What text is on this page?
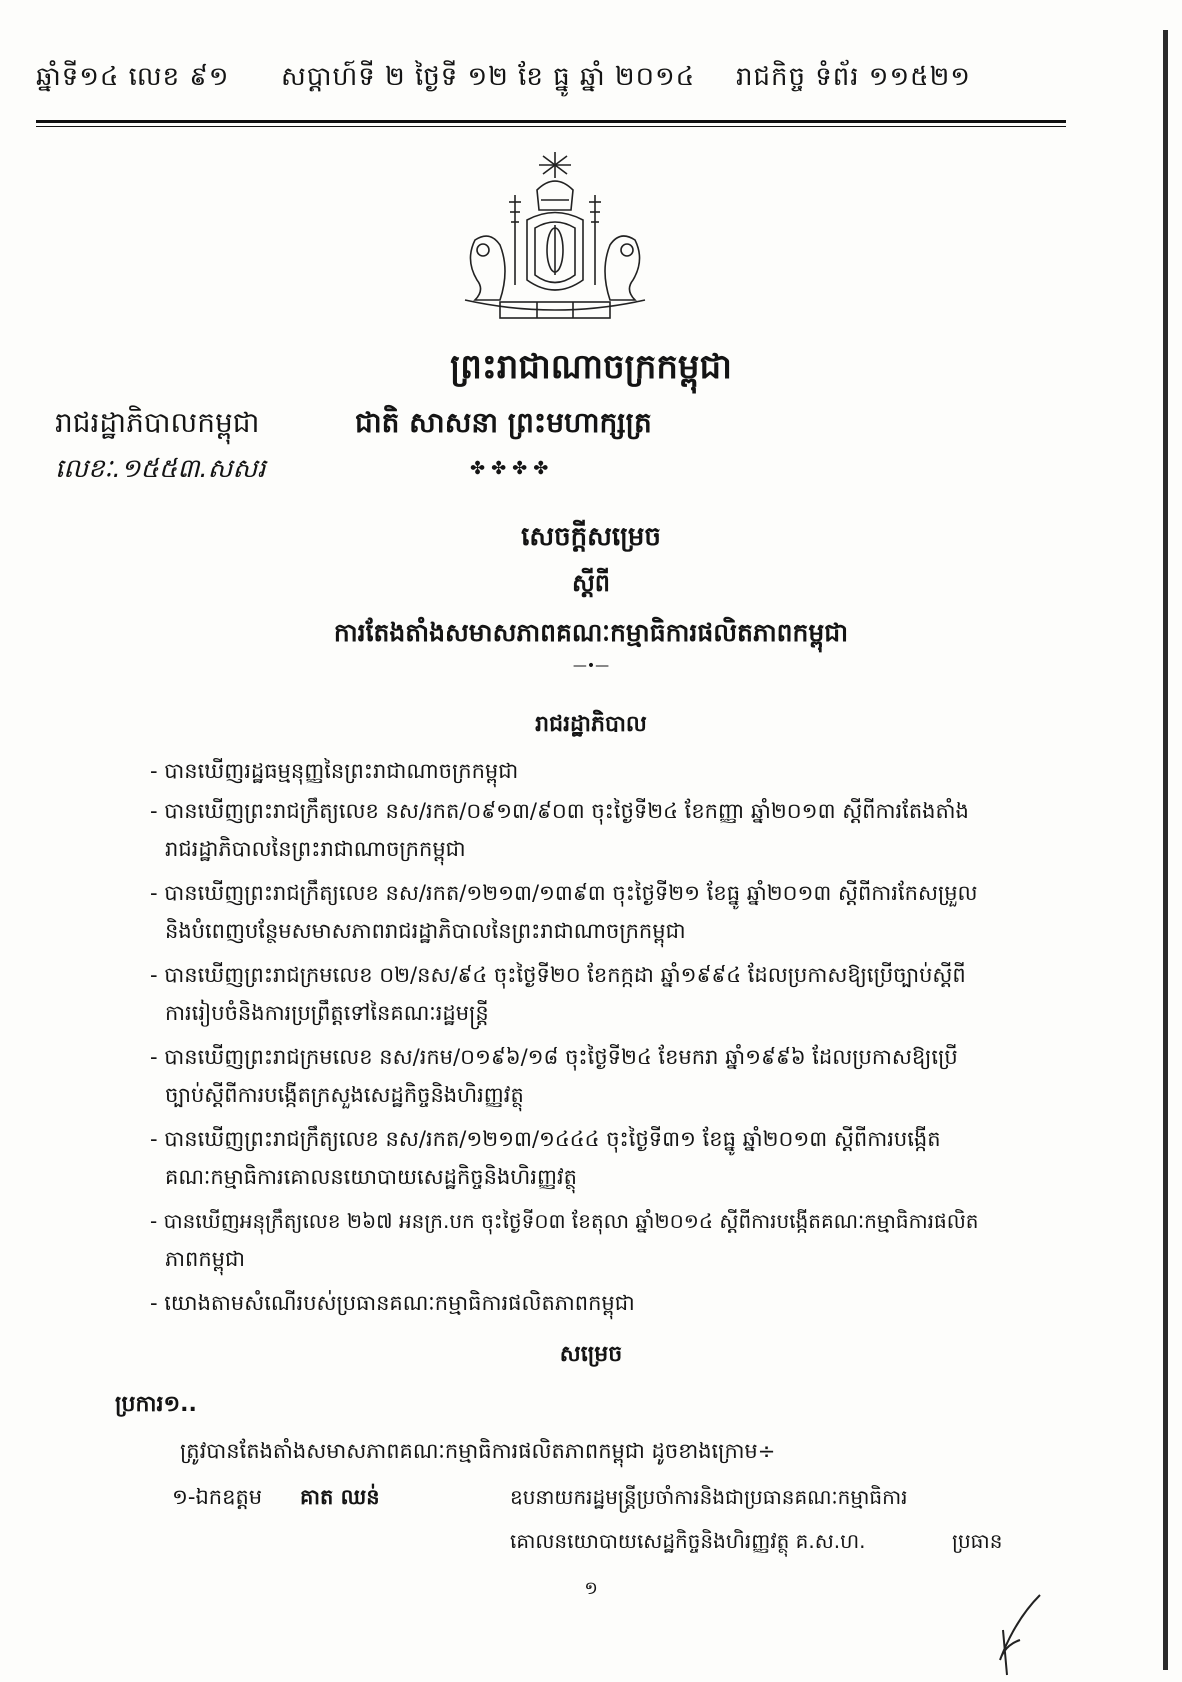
ឆ្នាំទី១៤ លេខ ៩១ សប្តាហ៍ទី ២ ថ្ងៃទី ១២ ខែ ធ្នូ ឆ្នាំ ២០១៤ រាជកិច្ច ទំព័រ ១១៥២១
ព្រះរាជាណាចក្រកម្ពុជា
រាជរដ្ឋាភិបាលកម្ពុជា
លេខៈ.១៥៥៣.សសរ
ជាតិ សាសនា ព្រះមហាក្សត្រ
✤✤✤✤
សេចក្តីសម្រេច
ស្តីពី
ការតែងតាំងសមាសភាពគណៈកម្មាធិការផលិតភាពកម្ពុជា
—•—
រាជរដ្ឋាភិបាល
- បានឃើញរដ្ឋធម្មនុញ្ញនៃព្រះរាជាណាចក្រកម្ពុជា
- បានឃើញព្រះរាជក្រឹត្យលេខ នស/រកត/០៩១៣/៩០៣ ចុះថ្ងៃទី២៤ ខែកញ្ញា ឆ្នាំ២០១៣ ស្តីពីការតែងតាំង
រាជរដ្ឋាភិបាលនៃព្រះរាជាណាចក្រកម្ពុជា
- បានឃើញព្រះរាជក្រឹត្យលេខ នស/រកត/១២១៣/១៣៩៣ ចុះថ្ងៃទី២១ ខែធ្នូ ឆ្នាំ២០១៣ ស្តីពីការកែសម្រួល
និងបំពេញបន្ថែមសមាសភាពរាជរដ្ឋាភិបាលនៃព្រះរាជាណាចក្រកម្ពុជា
- បានឃើញព្រះរាជក្រមលេខ ០២/នស/៩៤ ចុះថ្ងៃទី២០ ខែកក្កដា ឆ្នាំ១៩៩៤ ដែលប្រកាសឱ្យប្រើច្បាប់ស្តីពី
ការរៀបចំនិងការប្រព្រឹត្តទៅនៃគណៈរដ្ឋមន្ត្រី
- បានឃើញព្រះរាជក្រមលេខ នស/រកម/០១៩៦/១៨ ចុះថ្ងៃទី២៤ ខែមករា ឆ្នាំ១៩៩៦ ដែលប្រកាសឱ្យប្រើ
ច្បាប់ស្តីពីការបង្កើតក្រសួងសេដ្ឋកិច្ចនិងហិរញ្ញវត្ថុ
- បានឃើញព្រះរាជក្រឹត្យលេខ នស/រកត/១២១៣/១៤៤៤ ចុះថ្ងៃទី៣១ ខែធ្នូ ឆ្នាំ២០១៣ ស្តីពីការបង្កើត
គណៈកម្មាធិការគោលនយោបាយសេដ្ឋកិច្ចនិងហិរញ្ញវត្ថុ
- បានឃើញអនុក្រឹត្យលេខ ២៦៧ អនក្រ.បក ចុះថ្ងៃទី០៣ ខែតុលា ឆ្នាំ២០១៤ ស្តីពីការបង្កើតគណៈកម្មាធិការផលិត
ភាពកម្ពុជា
- យោងតាមសំណើរបស់ប្រធានគណៈកម្មាធិការផលិតភាពកម្ពុជា
សម្រេច
ប្រការ១..
ត្រូវបានតែងតាំងសមាសភាពគណៈកម្មាធិការផលិតភាពកម្ពុជា ដូចខាងក្រោម÷
១-ឯកឧត្តម គាត ឈន់	ឧបនាយករដ្ឋមន្ត្រីប្រចាំការនិងជាប្រធានគណៈកម្មាធិការ
គោលនយោបាយសេដ្ឋកិច្ចនិងហិរញ្ញវត្ថុ គ.ស.ហ.	ប្រធាន
១
